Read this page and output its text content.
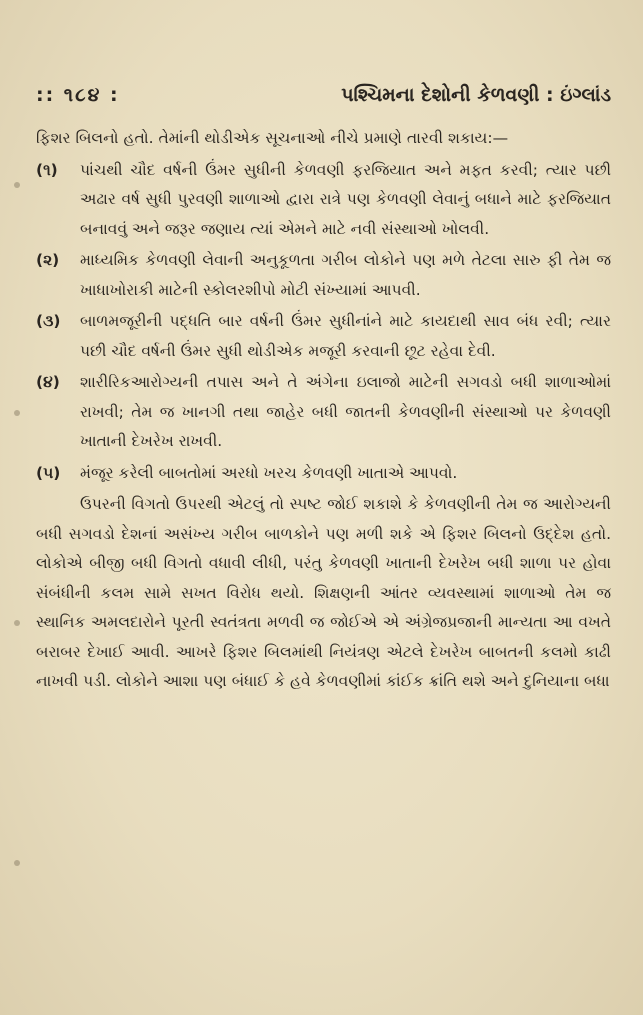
:: ૧૮૪ :	પશ્ચિમના દેશોની કેળવણી : ઇંગ્લાંડ

ફિશર બિલનો હતો. તેમાંની થોડીએક સૂચનાઓ નીચે પ્રમાણે તારવી શકાય:—

(૧) પાંચથી ચૌદ વર્ષની ઉંમર સુધીની કેળવણી ફરજિયાત અને મફત કરવી; ત્યાર પછી અઢાર વર્ષ સુધી પુરવણી શાળાઓ દ્વારા રાત્રે પણ કેળવણી લેવાનું બધાને માટે ફરજિયાત બનાવવું અને જરૂર જણાય ત્યાં એમને માટે નવી સંસ્થાઓ ખોલવી.
(૨) માધ્યમિક કેળવણી લેવાની અનુકૂળતા ગરીબ લોકોને પણ મળે તેટલા સારુ ફી તેમ જ ખાધાખોરાકી માટેની સ્કોલરશીપો મોટી સંખ્યામાં આપવી.
(૩) બાળમજૂરીની પદ્ધતિ બાર વર્ષની ઉંમર સુધીનાંને માટે કાયદાથી સાવ બંધ રવી; ત્યાર પછી ચૌદ વર્ષની ઉંમર સુધી થોડીએક મજૂરી કરવાની છૂટ રહેવા દેવી.
(૪) શારીરિકઆરોગ્યની તપાસ અને તે અંગેના ઇલાજો માટેની સગવડો બધી શાળાઓમાં રાખવી; તેમ જ ખાનગી તથા જાહેર બધી જાતની કેળવણીની સંસ્થાઓ પર કેળવણી ખાતાની દેખરેખ રાખવી.
(૫) મંજૂર કરેલી બાબતોમાં અરધો ખરચ કેળવણી ખાતાએ આપવો.

ઉપરની વિગતો ઉપરથી એટલું તો સ્પષ્ટ જોઈ શકાશે કે કેળવણીની તેમ જ આરોગ્યની બધી સગવડો દેશનાં અસંખ્ય ગરીબ બાળકોને પણ મળી શકે એ ફિશર બિલનો ઉદ્દેશ હતો. લોકોએ બીજી બધી વિગતો વધાવી લીધી, પરંતુ કેળવણી ખાતાની દેખરેખ બધી શાળા પર હોવા સંબંધીની કલમ સામે સખત વિરોધ થયો. શિક્ષણની આંતર વ્યવસ્થામાં શાળાઓ તેમ જ સ્થાનિક અમલદારોને પૂરતી સ્વતંત્રતા મળવી જ જોઈએ એ અંગ્રેજપ્રજાની માન્યતા આ વખતે બરાબર દેખાઈ આવી. આખરે ફિશર બિલમાંથી નિયંત્રણ એટલે દેખરેખ બાબતની કલમો કાઢી નાખવી પડી. લોકોને આશા પણ બંધાઈ કે હવે કેળવણીમાં કાંઈક ક્રાંતિ થશે અને દુનિયાના બધા
